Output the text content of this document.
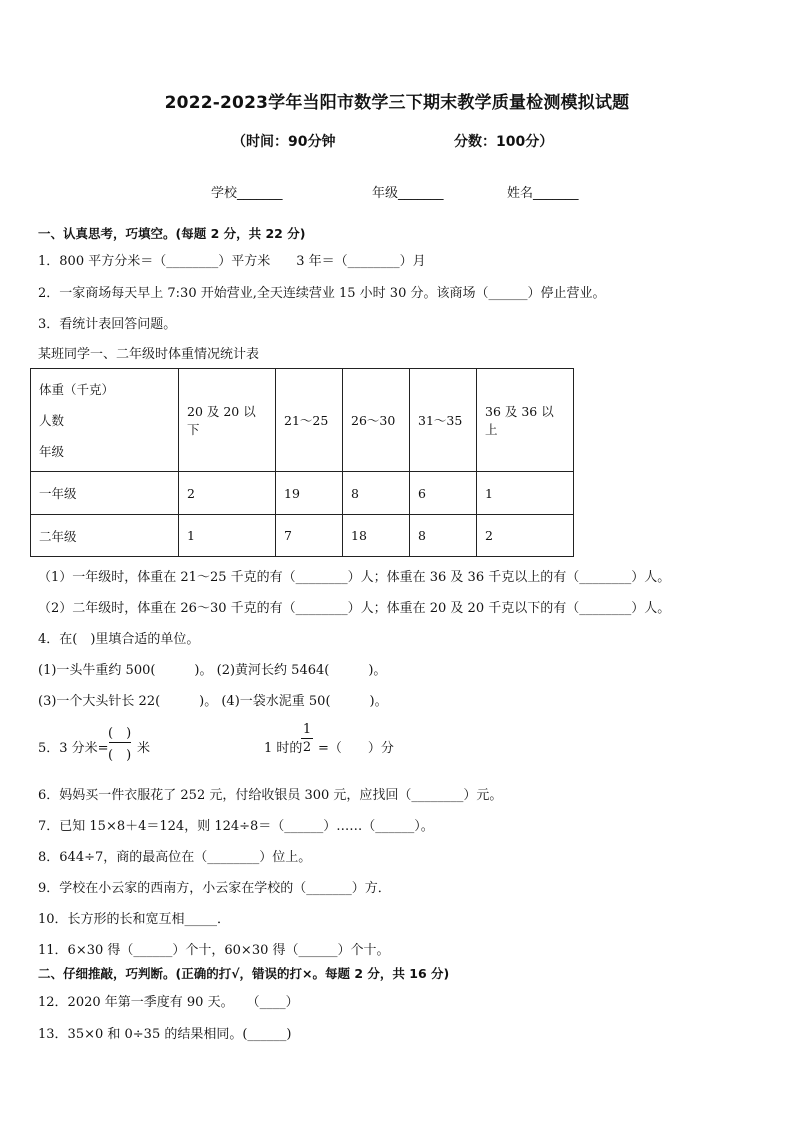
2022-2023学年当阳市数学三下期末教学质量检测模拟试题
（时间：90分钟	分数：100分）
学校_______	年级_______	姓名_______
一、认真思考，巧填空。(每题 2 分，共 22 分)
1．800 平方分米＝（________）平方米　　3 年＝（________）月
2．一家商场每天早上 7:30 开始营业,全天连续营业 15 小时 30 分。该商场（______）停止营业。
3．看统计表回答问题。
某班同学一、二年级时体重情况统计表
体重（千克）
人数
年级	20 及 20 以下	21～25	26～30	31～35	36 及 36 以上
一年级	2	19	8	6	1
二年级	1	7	18	8	2
（1）一年级时，体重在 21～25 千克的有（________）人；体重在 36 及 36 千克以上的有（________）人。
（2）二年级时，体重在 26～30 千克的有（________）人；体重在 20 及 20 千克以下的有（________）人。
4．在(　)里填合适的单位。
(1)一头牛重约 500(　　　)。 (2)黄河长约 5464(　　　)。
(3)一个大头针长 22(　　　)。 (4)一袋水泥重 50(　　　)。
5．3 分米=
(　)
(　) 米	1 时的
1
2 =（　　）分
6．妈妈买一件衣服花了 252 元，付给收银员 300 元，应找回（________）元。
7．已知 15×8＋4＝124，则 124÷8＝（______）……（______）。
8．644÷7，商的最高位在（________）位上。
9．学校在小云家的西南方，小云家在学校的（_______）方．
10．长方形的长和宽互相_____．
11．6×30 得（______）个十，60×30 得（______）个十。
二、仔细推敲，巧判断。(正确的打√，错误的打×。每题 2 分，共 16 分)
12．2020 年第一季度有 90 天。　　（____）
13．35×0 和 0÷35 的结果相同。(______)
